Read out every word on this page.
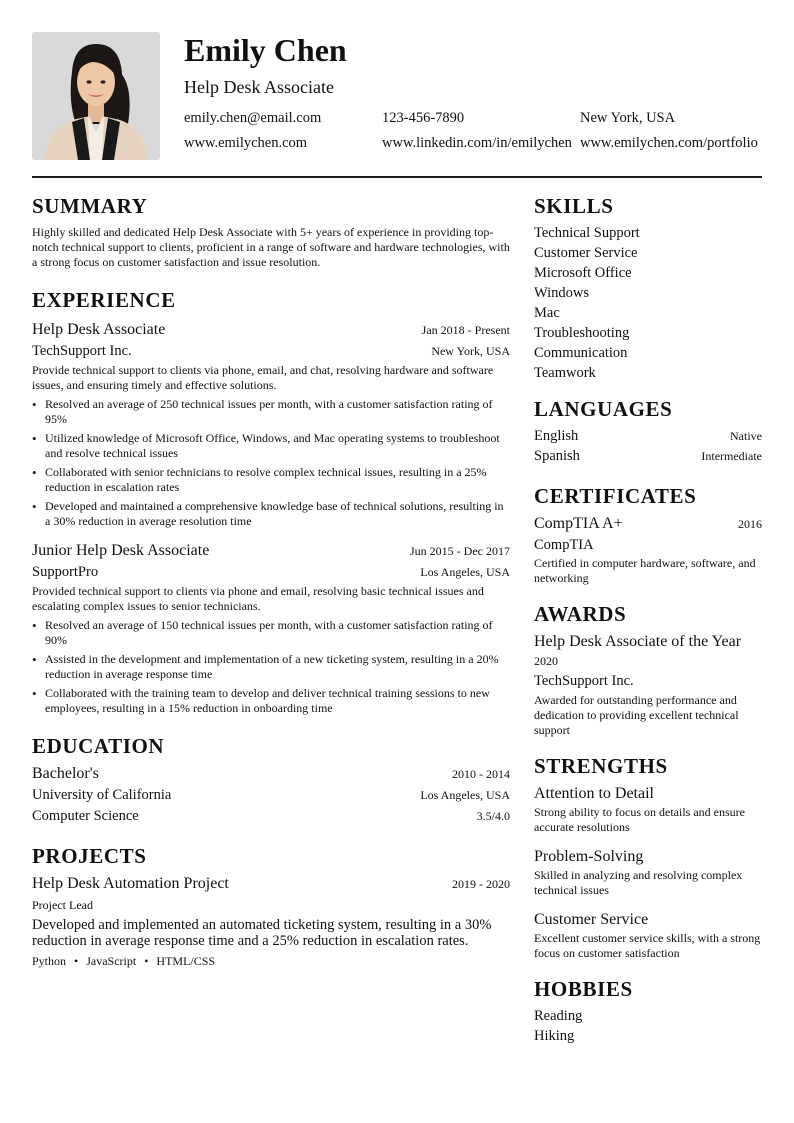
Emily Chen
Help Desk Associate
emily.chen@email.com	123-456-7890	New York, USA
www.emilychen.com	www.linkedin.com/in/emilychen www.emilychen.com/portfolio
SUMMARY
Highly skilled and dedicated Help Desk Associate with 5+ years of experience in providing top-notch technical support to clients, proficient in a range of software and hardware technologies, with a strong focus on customer satisfaction and issue resolution.
EXPERIENCE
Help Desk Associate	Jan 2018 - Present
TechSupport Inc.	New York, USA
Provide technical support to clients via phone, email, and chat, resolving hardware and software issues, and ensuring timely and effective solutions.
• Resolved an average of 250 technical issues per month, with a customer satisfaction rating of 95%
• Utilized knowledge of Microsoft Office, Windows, and Mac operating systems to troubleshoot and resolve technical issues
• Collaborated with senior technicians to resolve complex technical issues, resulting in a 25% reduction in escalation rates
• Developed and maintained a comprehensive knowledge base of technical solutions, resulting in a 30% reduction in average resolution time
Junior Help Desk Associate	Jun 2015 - Dec 2017
SupportPro	Los Angeles, USA
Provided technical support to clients via phone and email, resolving basic technical issues and escalating complex issues to senior technicians.
• Resolved an average of 150 technical issues per month, with a customer satisfaction rating of 90%
• Assisted in the development and implementation of a new ticketing system, resulting in a 20% reduction in average response time
• Collaborated with the training team to develop and deliver technical training sessions to new employees, resulting in a 15% reduction in onboarding time
EDUCATION
Bachelor's	2010 - 2014
University of California	Los Angeles, USA
Computer Science	3.5/4.0
PROJECTS
Help Desk Automation Project	2019 - 2020
Project Lead
Developed and implemented an automated ticketing system, resulting in a 30% reduction in average response time and a 25% reduction in escalation rates.
Python • JavaScript • HTML/CSS
SKILLS
Technical Support
Customer Service
Microsoft Office
Windows
Mac
Troubleshooting
Communication
Teamwork
LANGUAGES
English	Native
Spanish	Intermediate
CERTIFICATES
CompTIA A+	2016
CompTIA
Certified in computer hardware, software, and networking
AWARDS
Help Desk Associate of the Year
2020
TechSupport Inc.
Awarded for outstanding performance and dedication to providing excellent technical support
STRENGTHS
Attention to Detail
Strong ability to focus on details and ensure accurate resolutions
Problem-Solving
Skilled in analyzing and resolving complex technical issues
Customer Service
Excellent customer service skills, with a strong focus on customer satisfaction
HOBBIES
Reading
Hiking
